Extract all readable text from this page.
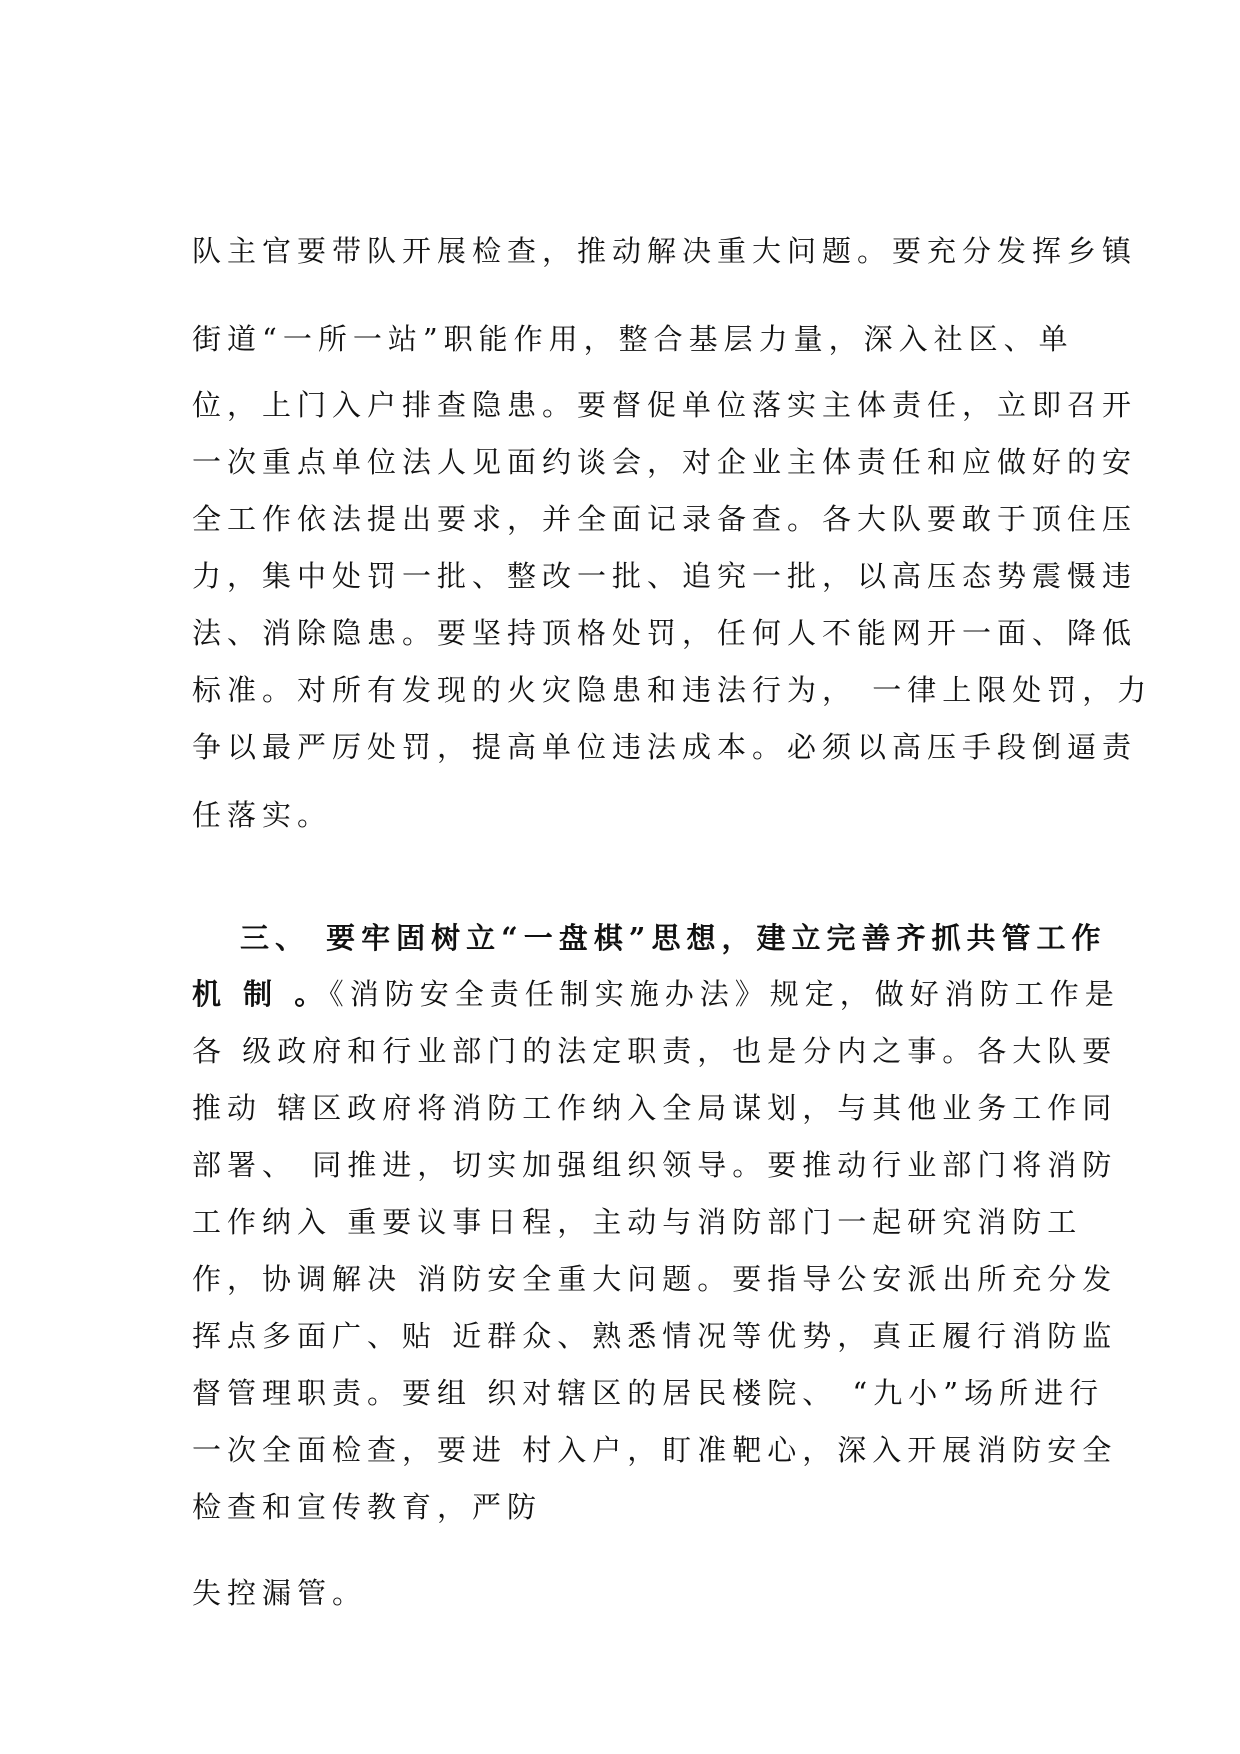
队主官要带队开展检查，推动解决重大问题。要充分发挥乡镇
街道“一所一站”职能作用，整合基层力量，深入社区、单
位，上门入户排查隐患。要督促单位落实主体责任，立即召开
一次重点单位法人见面约谈会，对企业主体责任和应做好的安
全工作依法提出要求，并全面记录备查。各大队要敢于顶住压
力，集中处罚一批、整改一批、追究一批，以高压态势震慑违
法、消除隐患。要坚持顶格处罚，任何人不能网开一面、降低
标准。对所有发现的火灾隐患和违法行为， 一律上限处罚，力
争以最严厉处罚，提高单位违法成本。必须以高压手段倒逼责
任落实。
三、 要牢固树立“一盘棋”思想，建立完善齐抓共管工作
机 制 。《消防安全责任制实施办法》规定，做好消防工作是
各 级政府和行业部门的法定职责，也是分内之事。各大队要
推动 辖区政府将消防工作纳入全局谋划，与其他业务工作同
部署、 同推进，切实加强组织领导。要推动行业部门将消防
工作纳入 重要议事日程，主动与消防部门一起研究消防工
作，协调解决 消防安全重大问题。要指导公安派出所充分发
挥点多面广、贴 近群众、熟悉情况等优势，真正履行消防监
督管理职责。要组 织对辖区的居民楼院、 “九小”场所进行
一次全面检查，要进 村入户，盯准靶心，深入开展消防安全
检查和宣传教育，严防
失控漏管。
